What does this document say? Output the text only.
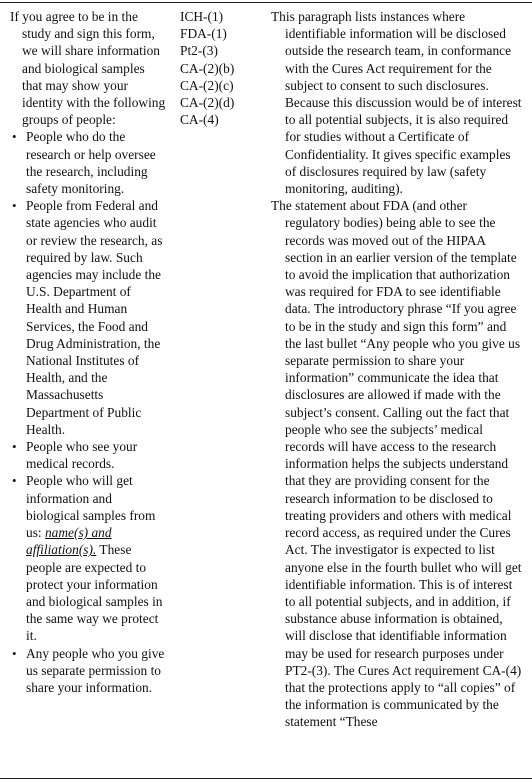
If you agree to be in the study and sign this form, we will share information and biological samples that may show your identity with the following groups of people:

• People who do the research or help oversee the research, including safety monitoring.
• People from Federal and state agencies who audit or review the research, as required by law. Such agencies may include the U.S. Department of Health and Human Services, the Food and Drug Administration, the National Institutes of Health, and the Massachusetts Department of Public Health.
• People who see your medical records.
• People who will get information and biological samples from us: name(s) and affiliation(s). These people are expected to protect your information and biological samples in the same way we protect it.
• Any people who you give us separate permission to share your information.
ICH-(1)
FDA-(1)
Pt2-(3)
CA-(2)(b)
CA-(2)(c)
CA-(2)(d)
CA-(4)

This paragraph lists instances where identifiable information will be disclosed outside the research team, in conformance with the Cures Act requirement for the subject to consent to such disclosures. Because this discussion would be of interest to all potential subjects, it is also required for studies without a Certificate of Confidentiality. It gives specific examples of disclosures required by law (safety monitoring, auditing).

The statement about FDA (and other regulatory bodies) being able to see the records was moved out of the HIPAA section in an earlier version of the template to avoid the implication that authorization was required for FDA to see identifiable data. The introductory phrase “If you agree to be in the study and sign this form” and the last bullet “Any people who you give us separate permission to share your information” communicate the idea that disclosures are allowed if made with the subject’s consent. Calling out the fact that people who see the subjects’ medical records will have access to the research information helps the subjects understand that they are providing consent for the research information to be disclosed to treating providers and others with medical record access, as required under the Cures Act. The investigator is expected to list anyone else in the fourth bullet who will get identifiable information. This is of interest to all potential subjects, and in addition, if substance abuse information is obtained, will disclose that identifiable information may be used for research purposes under PT2-(3). The Cures Act requirement CA-(4) that the protections apply to “all copies” of the information is communicated by the statement “These
